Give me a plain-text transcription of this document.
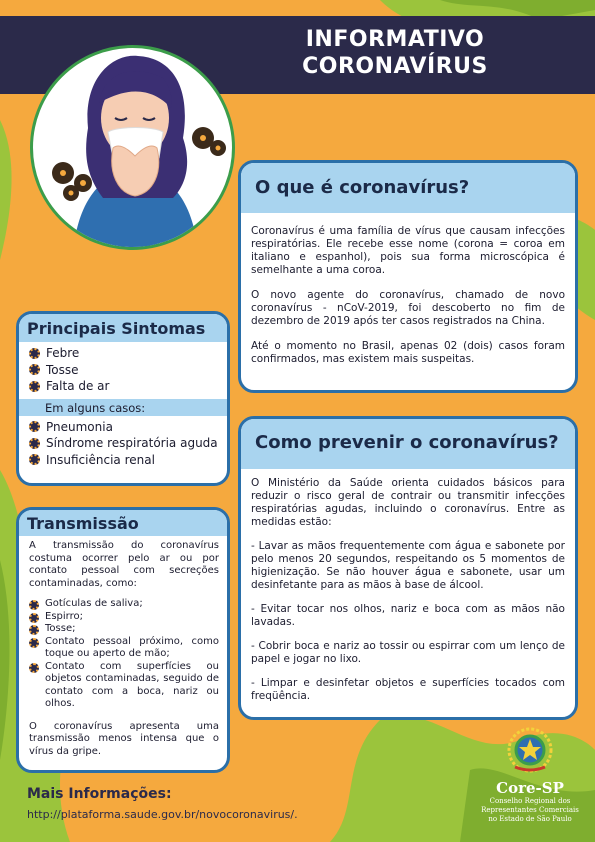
INFORMATIVO
CORONAVÍRUS
O que é coronavírus?

Coronavírus é uma família de vírus que causam infecções respiratórias. Ele recebe esse nome (corona = coroa em italiano e espanhol), pois sua forma microscópica é semelhante a uma coroa.

O novo agente do coronavírus, chamado de novo coronavírus - nCoV-2019, foi descoberto no fim de dezembro de 2019 após ter casos registrados na China.

Até o momento no Brasil, apenas 02 (dois) casos foram confirmados, mas existem mais suspeitas.

Principais Sintomas
Febre
Tosse
Falta de ar
Em alguns casos:
Pneumonia
Síndrome respiratória aguda
Insuficiência renal
Como prevenir o coronavírus?

O Ministério da Saúde orienta cuidados básicos para reduzir o risco geral de contrair ou transmitir infecções respiratórias agudas, incluindo o coronavírus. Entre as medidas estão:

- Lavar as mãos frequentemente com água e sabonete por pelo menos 20 segundos, respeitando os 5 momentos de higienização. Se não houver água e sabonete, usar um desinfetante para as mãos à base de álcool.

- Evitar tocar nos olhos, nariz e boca com as mãos não lavadas.

- Cobrir boca e nariz ao tossir ou espirrar com um lenço de papel e jogar no lixo.

- Limpar e desinfetar objetos e superfícies tocados com freqüência.

Transmissão

A transmissão do coronavírus costuma ocorrer pelo ar ou por contato pessoal com secreções contaminadas, como:

Gotículas de saliva;
Espirro;
Tosse;
Contato pessoal próximo, como toque ou aperto de mão;
Contato com superfícies ou objetos contaminadas, seguido de contato com a boca, nariz ou olhos.

O coronavírus apresenta uma transmissão menos intensa que o vírus da gripe.

Mais Informações:
http://plataforma.saude.gov.br/novocoronavirus/.
Core-SP
Conselho Regional dos
Representantes Comerciais
no Estado de São Paulo
